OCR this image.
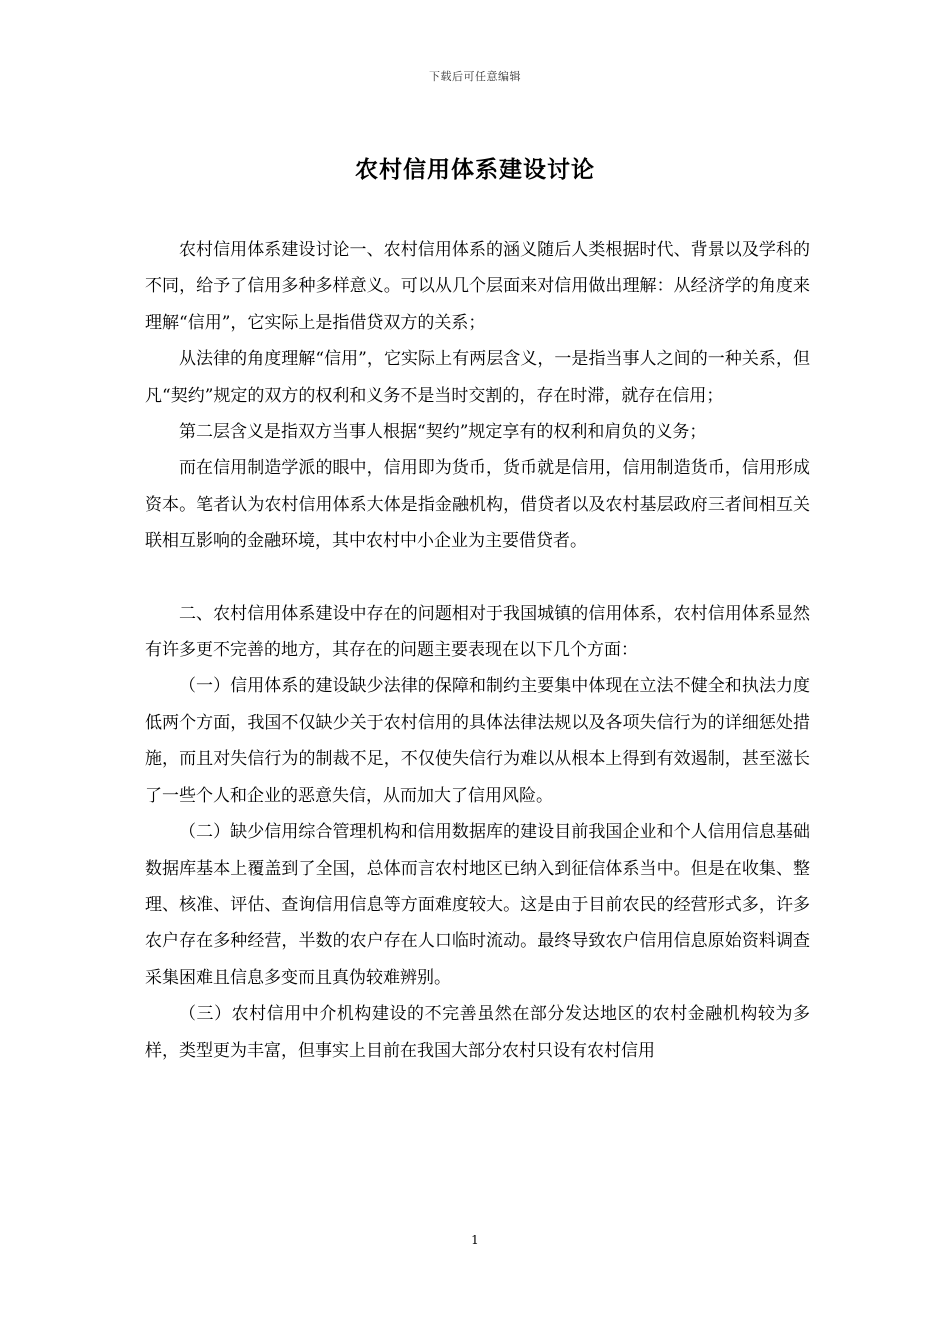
下载后可任意编辑
农村信用体系建设讨论

农村信用体系建设讨论一、农村信用体系的涵义随后人类根据时代、背景以及学科的不同，给予了信用多种多样意义。可以从几个层面来对信用做出理解：从经济学的角度来理解“信用”，它实际上是指借贷双方的关系；

从法律的角度理解“信用”，它实际上有两层含义，一是指当事人之间的一种关系，但凡“契约”规定的双方的权利和义务不是当时交割的，存在时滞，就存在信用；

第二层含义是指双方当事人根据“契约”规定享有的权利和肩负的义务；

而在信用制造学派的眼中，信用即为货币，货币就是信用，信用制造货币，信用形成资本。笔者认为农村信用体系大体是指金融机构，借贷者以及农村基层政府三者间相互关联相互影响的金融环境，其中农村中小企业为主要借贷者。

二、农村信用体系建设中存在的问题相对于我国城镇的信用体系，农村信用体系显然有许多更不完善的地方，其存在的问题主要表现在以下几个方面：

（一）信用体系的建设缺少法律的保障和制约主要集中体现在立法不健全和执法力度低两个方面，我国不仅缺少关于农村信用的具体法律法规以及各项失信行为的详细惩处措施，而且对失信行为的制裁不足，不仅使失信行为难以从根本上得到有效遏制，甚至滋长了一些个人和企业的恶意失信，从而加大了信用风险。

（二）缺少信用综合管理机构和信用数据库的建设目前我国企业和个人信用信息基础数据库基本上覆盖到了全国，总体而言农村地区已纳入到征信体系当中。但是在收集、整理、核准、评估、查询信用信息等方面难度较大。这是由于目前农民的经营形式多，许多农户存在多种经营，半数的农户存在人口临时流动。最终导致农户信用信息原始资料调查采集困难且信息多变而且真伪较难辨别。

（三）农村信用中介机构建设的不完善虽然在部分发达地区的农村金融机构较为多样，类型更为丰富，但事实上目前在我国大部分农村只设有农村信用

1
